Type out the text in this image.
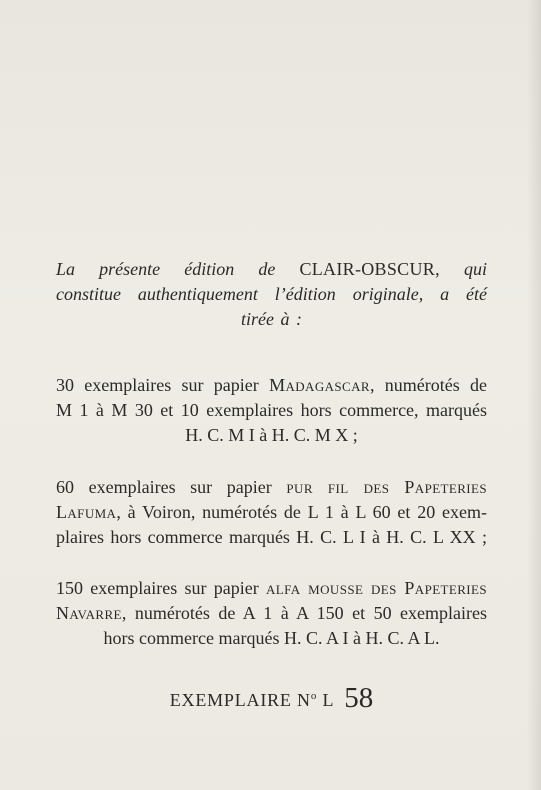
La présente édition de CLAIR-OBSCUR, qui
constitue authentiquement l’édition originale, a été
tirée à :
30 exemplaires sur papier Madagascar, numérotés de
M 1 à M 30 et 10 exemplaires hors commerce, marqués
H. C. M I à H. C. M X ;
60 exemplaires sur papier pur fil des Papeteries
Lafuma, à Voiron, numérotés de L 1 à L 60 et 20 exem-
plaires hors commerce marqués H. C. L I à H. C. L XX ;
150 exemplaires sur papier alfa mousse des Papeteries
Navarre, numérotés de A 1 à A 150 et 50 exemplaires
hors commerce marqués H. C. A I à H. C. A L.
EXEMPLAIRE $N^o$ L 58
